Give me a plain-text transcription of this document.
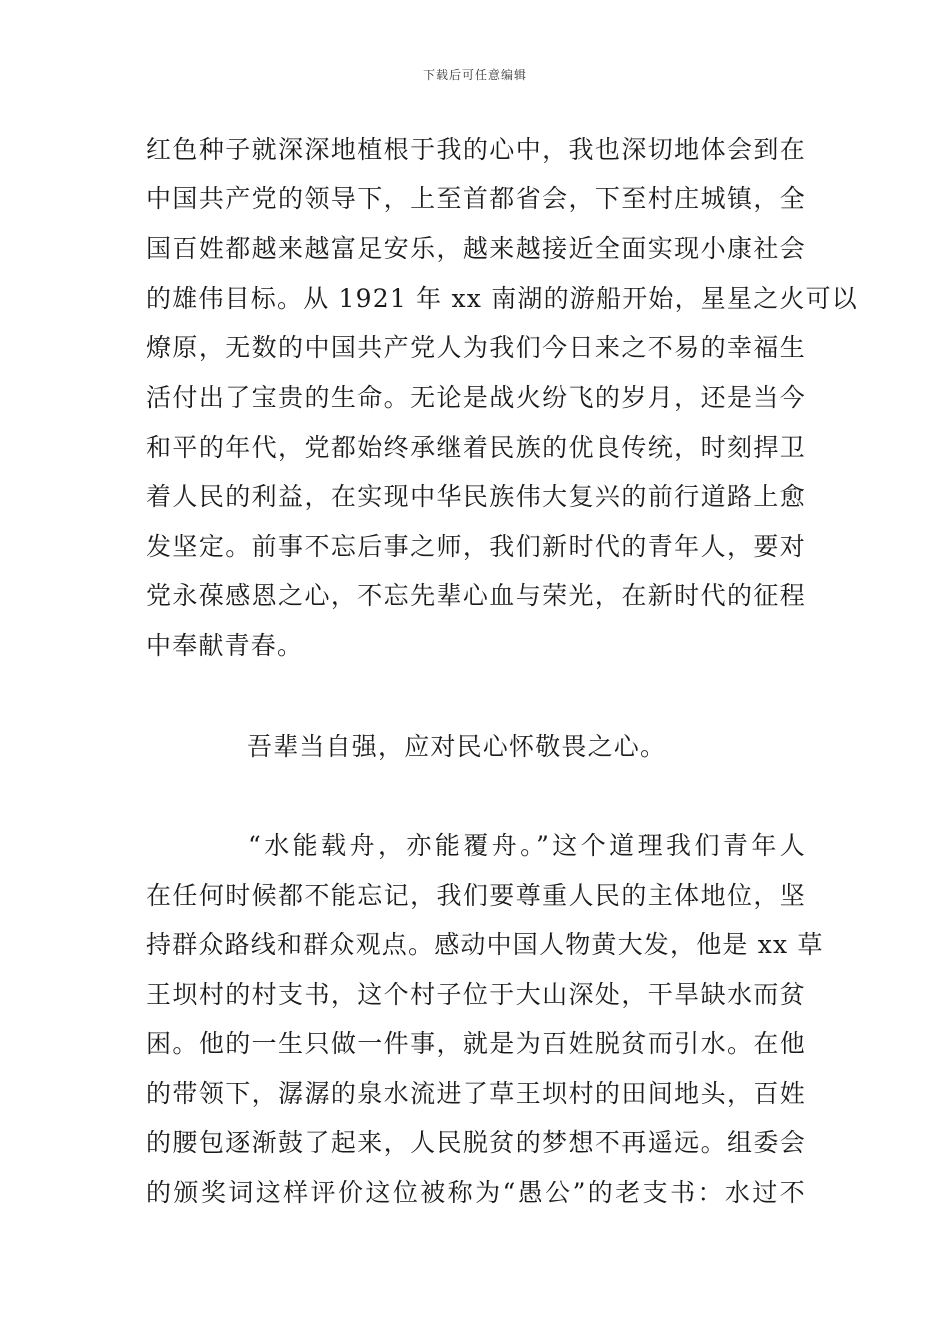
下载后可任意编辑
红色种子就深深地植根于我的心中，我也深切地体会到在
中国共产党的领导下，上至首都省会，下至村庄城镇，全
国百姓都越来越富足安乐，越来越接近全面实现小康社会
的雄伟目标。从 1921 年 xx 南湖的游船开始，星星之火可以
燎原，无数的中国共产党人为我们今日来之不易的幸福生
活付出了宝贵的生命。无论是战火纷飞的岁月，还是当今
和平的年代，党都始终承继着民族的优良传统，时刻捍卫
着人民的利益，在实现中华民族伟大复兴的前行道路上愈
发坚定。前事不忘后事之师，我们新时代的青年人，要对
党永葆感恩之心，不忘先辈心血与荣光，在新时代的征程
中奉献青春。
吾辈当自强，应对民心怀敬畏之心。
“水能载舟，亦能覆舟。”这个道理我们青年人
在任何时候都不能忘记，我们要尊重人民的主体地位，坚
持群众路线和群众观点。感动中国人物黄大发，他是 xx 草
王坝村的村支书，这个村子位于大山深处，干旱缺水而贫
困。他的一生只做一件事，就是为百姓脱贫而引水。在他
的带领下，潺潺的泉水流进了草王坝村的田间地头，百姓
的腰包逐渐鼓了起来，人民脱贫的梦想不再遥远。组委会
的颁奖词这样评价这位被称为“愚公”的老支书：水过不
